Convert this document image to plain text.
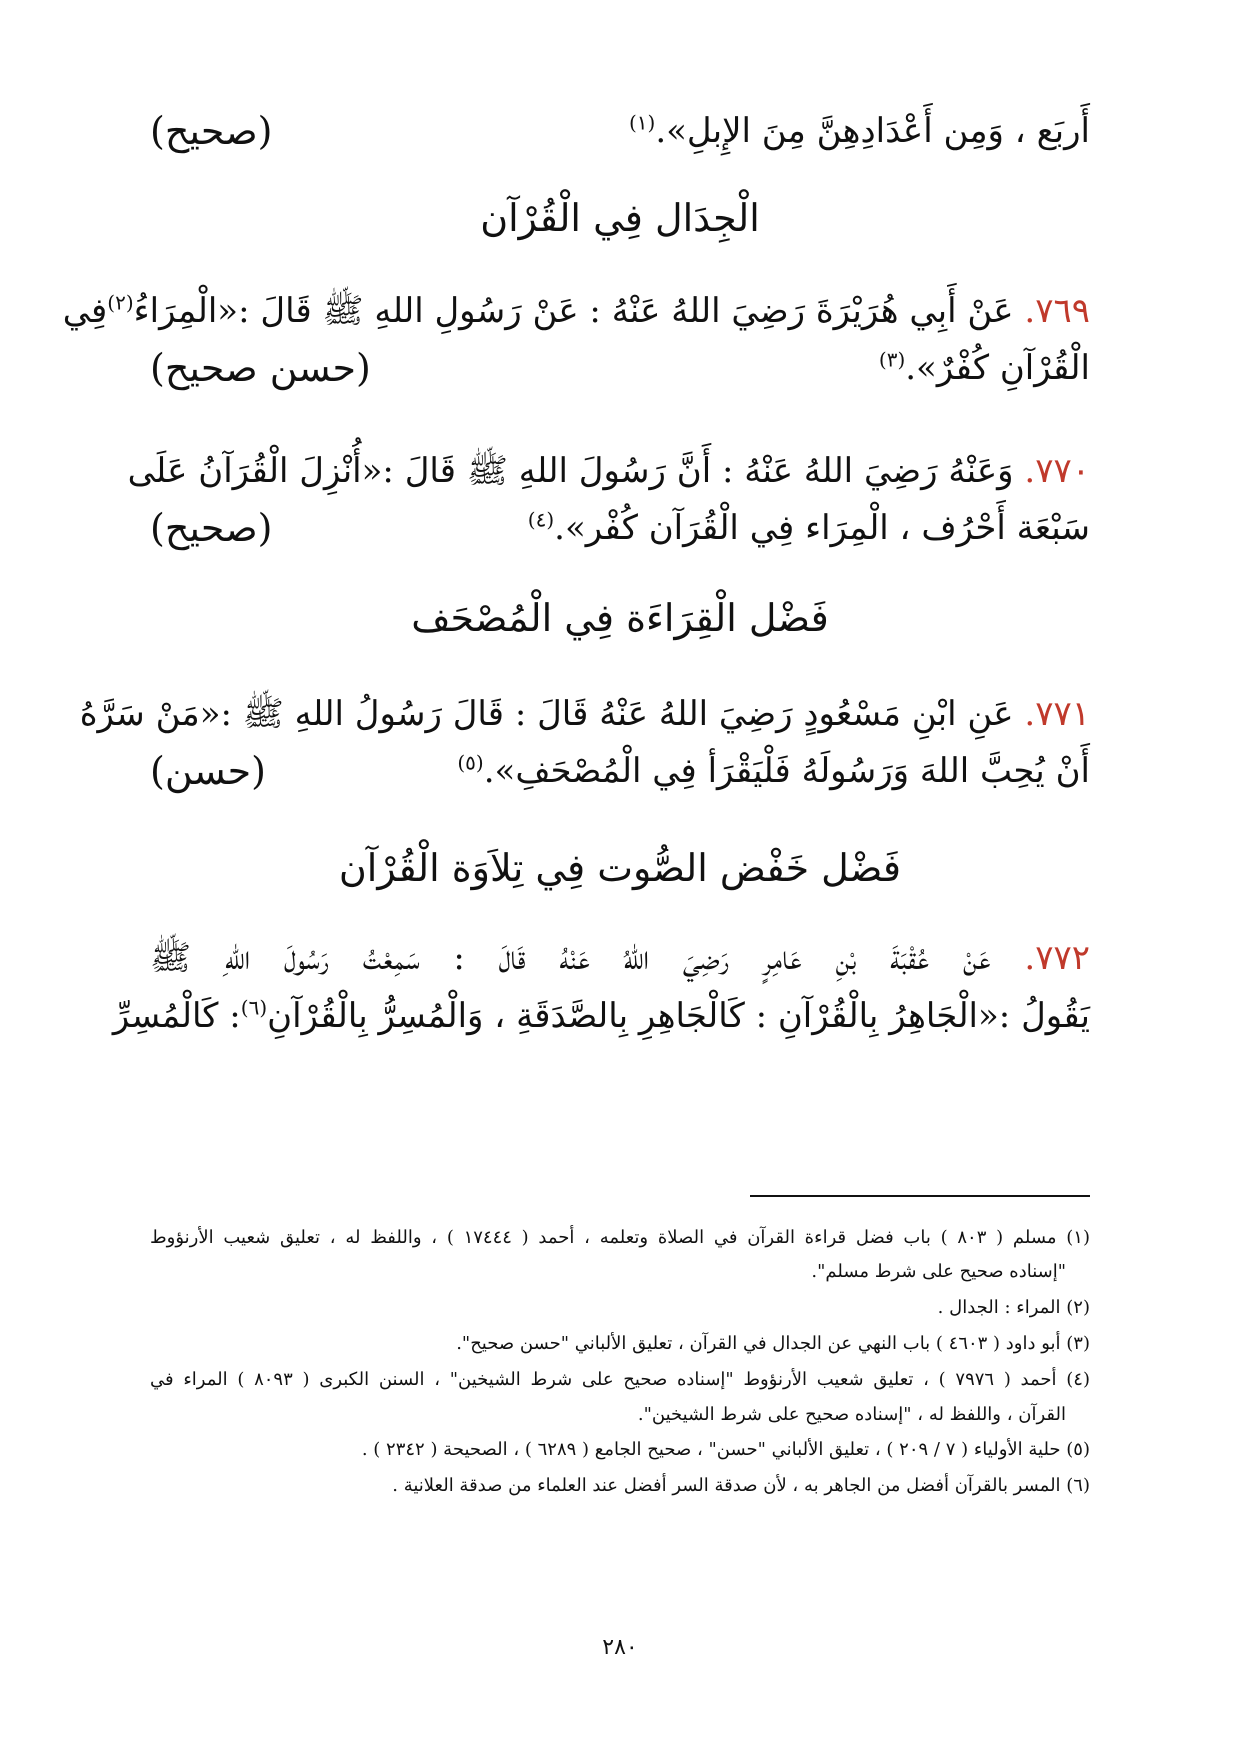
أَربَع ، وَمِن أَعْدَادِهِنَّ مِنَ الإِبلِ».$^{(١)}$
(صحيح)
الْجِدَال فِي الْقُرْآن
٧٦٩. عَنْ أَبِي هُرَيْرَةَ رَضِيَ اللهُ عَنْهُ : عَنْ رَسُولِ اللهِ ﷺ قَالَ :«الْمِرَاءُ$^{(٢)}$فِي
الْقُرْآنِ كُفْرٌ».$^{(٣)}$
(حسن صحيح)
٧٧٠. وَعَنْهُ رَضِيَ اللهُ عَنْهُ : أَنَّ رَسُولَ اللهِ ﷺ قَالَ :«أُنْزِلَ الْقُرَآنُ عَلَى
سَبْعَة أَحْرُف ، الْمِرَاء فِي الْقُرَآن كُفْر».$^{(٤)}$
(صحيح)
فَضْل الْقِرَاءَة فِي الْمُصْحَف
٧٧١. عَنِ ابْنِ مَسْعُودٍ رَضِيَ اللهُ عَنْهُ قَالَ : قَالَ رَسُولُ اللهِ ﷺ :«مَنْ سَرَّهُ
أَنْ يُحِبَّ اللهَ وَرَسُولَهُ فَلْيَقْرَأ فِي الْمُصْحَفِ».$^{(٥)}$
(حسن)
فَضْل خَفْض الصُّوت فِي تِلاَوَة الْقُرْآن
٧٧٢. عَنْ عُقْبَةَ بْنِ عَامِرٍ رَضِيَ اللهُ عَنْهُ قَالَ : سَمِعْتُ رَسُولَ اللهِ ﷺ
يَقُولُ :«الْجَاهِرُ بِالْقُرْآنِ : كَالْجَاهِرِ بِالصَّدَقَةِ ، وَالْمُسِرُّ بِالْقُرْآنِ$^{(٦)}$: كَالْمُسِرِّ
(١) مسلم ( ٨٠٣ ) باب فضل قراءة القرآن في الصلاة وتعلمه ، أحمد ( ١٧٤٤٤ ) ، واللفظ له ، تعليق شعيب الأرنؤوط
"إسناده صحيح على شرط مسلم".
(٢) المراء : الجدال .
(٣) أبو داود ( ٤٦٠٣ ) باب النهي عن الجدال في القرآن ، تعليق الألباني "حسن صحيح".
(٤) أحمد ( ٧٩٧٦ ) ، تعليق شعيب الأرنؤوط "إسناده صحيح على شرط الشيخين" ، السنن الكبرى ( ٨٠٩٣ ) المراء في
القرآن ، واللفظ له ، "إسناده صحيح على شرط الشيخين".
(٥) حلية الأولياء ( ٧ / ٢٠٩ ) ، تعليق الألباني "حسن" ، صحيح الجامع ( ٦٢٨٩ ) ، الصحيحة ( ٢٣٤٢ ) .
(٦) المسر بالقرآن أفضل من الجاهر به ، لأن صدقة السر أفضل عند العلماء من صدقة العلانية .
٢٨٠
